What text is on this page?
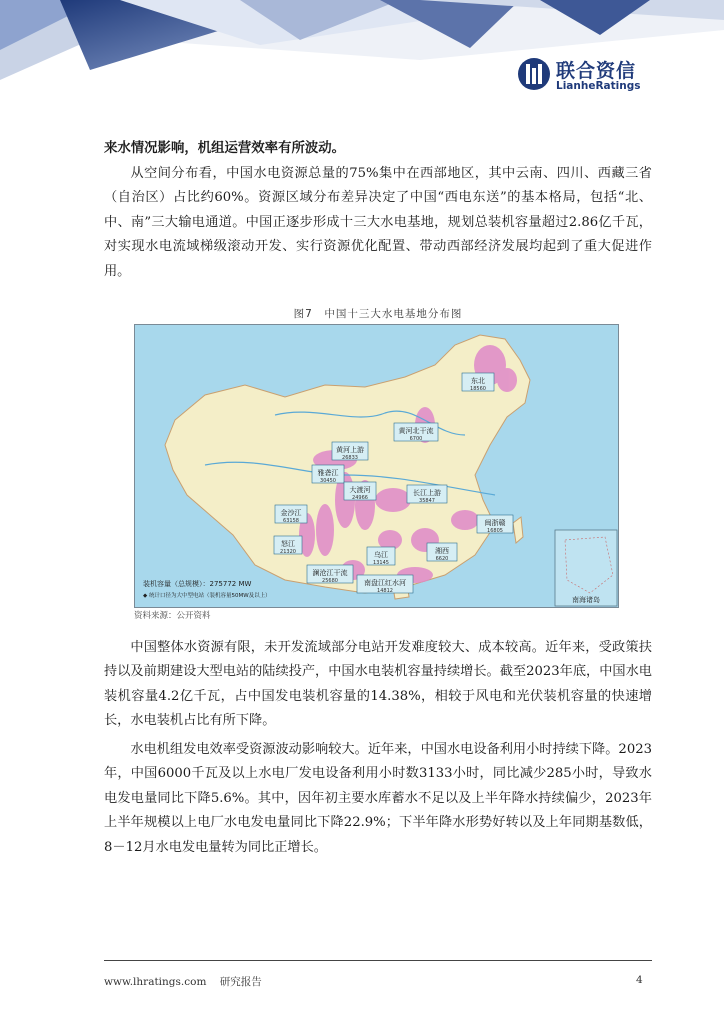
联合资信
LianheRatings
来水情况影响，机组运营效率有所波动。

从空间分布看，中国水电资源总量的75%集中在西部地区，其中云南、四川、西藏三省（自治区）占比约60%。资源区域分布差异决定了中国“西电东送”的基本格局，包括“北、中、南”三大输电通道。中国正逐步形成十三大水电基地，规划总装机容量超过2.86亿千瓦，对实现水电流域梯级滚动开发、实行资源优化配置、带动西部经济发展均起到了重大促进作用。

图7　中国十三大水电基地分布图
东北
18560
黄河北干流
6700
黄河上游
26833
雅砻江
30450
大渡河
24966
长江上游
35847
金沙江
63158	闽浙赣
16805
怒江
21320	乌江
13145
湘西
6620
澜沧江干流
25680	南盘江红水河
14812
装机容量（总规模）：275772 MW
◆ 统计口径为大中型电站（装机容量50MW及以上）	南海诸岛
资料来源：公开资料

中国整体水资源有限，未开发流域部分电站开发难度较大、成本较高。近年来，受政策扶持以及前期建设大型电站的陆续投产，中国水电装机容量持续增长。截至2023年底，中国水电装机容量4.2亿千瓦，占中国发电装机容量的14.38%，相较于风电和光伏装机容量的快速增长，水电装机占比有所下降。

水电机组发电效率受资源波动影响较大。近年来，中国水电设备利用小时持续下降。2023年，中国6000千瓦及以上水电厂发电设备利用小时数3133小时，同比减少285小时，导致水电发电量同比下降5.6%。其中，因年初主要水库蓄水不足以及上半年降水持续偏少，2023年上半年规模以上电厂水电发电量同比下降22.9%；下半年降水形势好转以及上年同期基数低，8－12月水电发电量转为同比正增长。

www.lhratings.com 研究报告	4
